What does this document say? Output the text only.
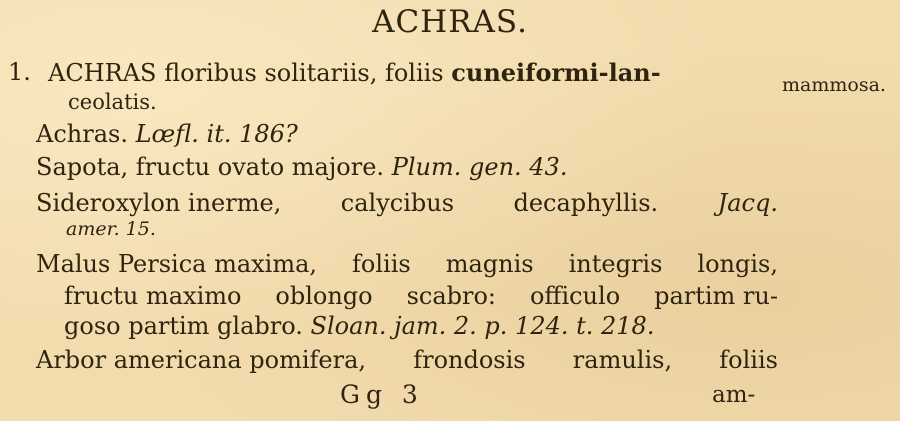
ACHRAS.
1. ACHRAS floribus solitariis, foliis cuneiformi-lan-	mammosa.
ceolatis.
Achras. Lœfl. it. 186?
Sapota, fructu ovato majore. Plum. gen. 43.
Sideroxylon inerme, calycibus decaphyllis. Jacq.
amer. 15.
Malus Persica maxima, foliis magnis integris longis,
fructu maximo oblongo scabro: officulo partim ru-
goso partim glabro. Sloan. jam. 2. p. 124. t. 218.
Arbor americana pomifera, frondosis ramulis, foliis
Gg 3	am-
